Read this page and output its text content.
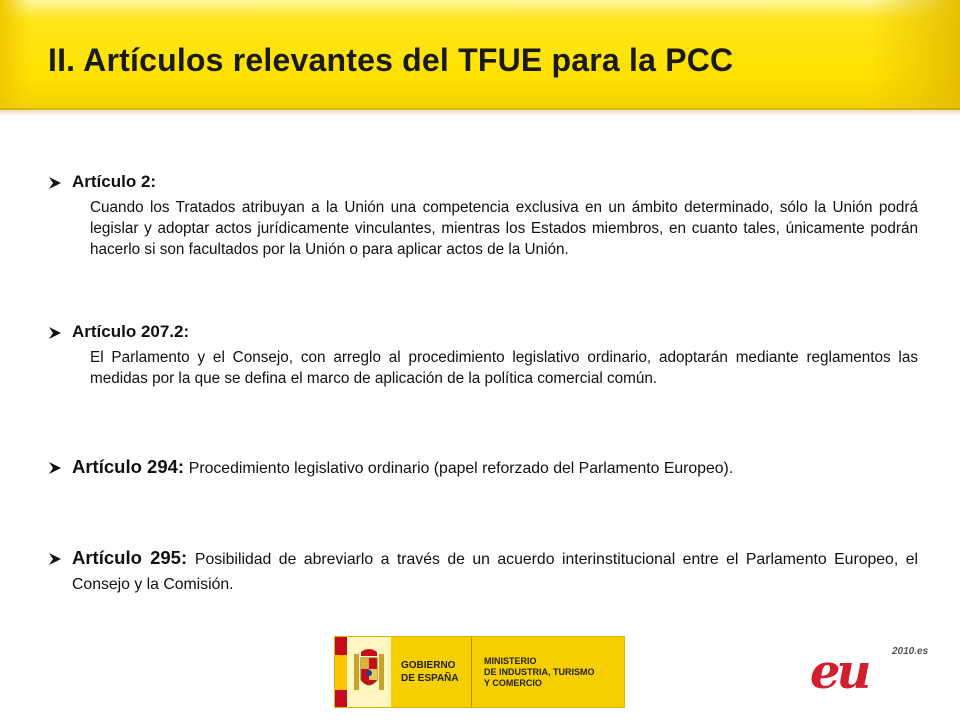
II. Artículos relevantes del TFUE para la PCC
Artículo 2:

Cuando los Tratados atribuyan a la Unión una competencia exclusiva en un ámbito determinado, sólo la Unión podrá legislar y adoptar actos jurídicamente vinculantes, mientras los Estados miembros, en cuanto tales, únicamente podrán hacerlo si son facultados por la Unión o para aplicar actos de la Unión.

Artículo 207.2:

El Parlamento y el Consejo, con arreglo al procedimiento legislativo ordinario, adoptarán mediante reglamentos las medidas por la que se defina el marco de aplicación de la política comercial común.

Artículo 294: Procedimiento legislativo ordinario (papel reforzado del Parlamento Europeo).
Artículo 295: Posibilidad de abreviarlo a través de un acuerdo interinstitucional entre el Parlamento Europeo, el Consejo y la Comisión.
GOBIERNO
DE ESPAÑA
MINISTERIO
DE INDUSTRIA, TURISMO
Y COMERCIO	eu 2010.es
